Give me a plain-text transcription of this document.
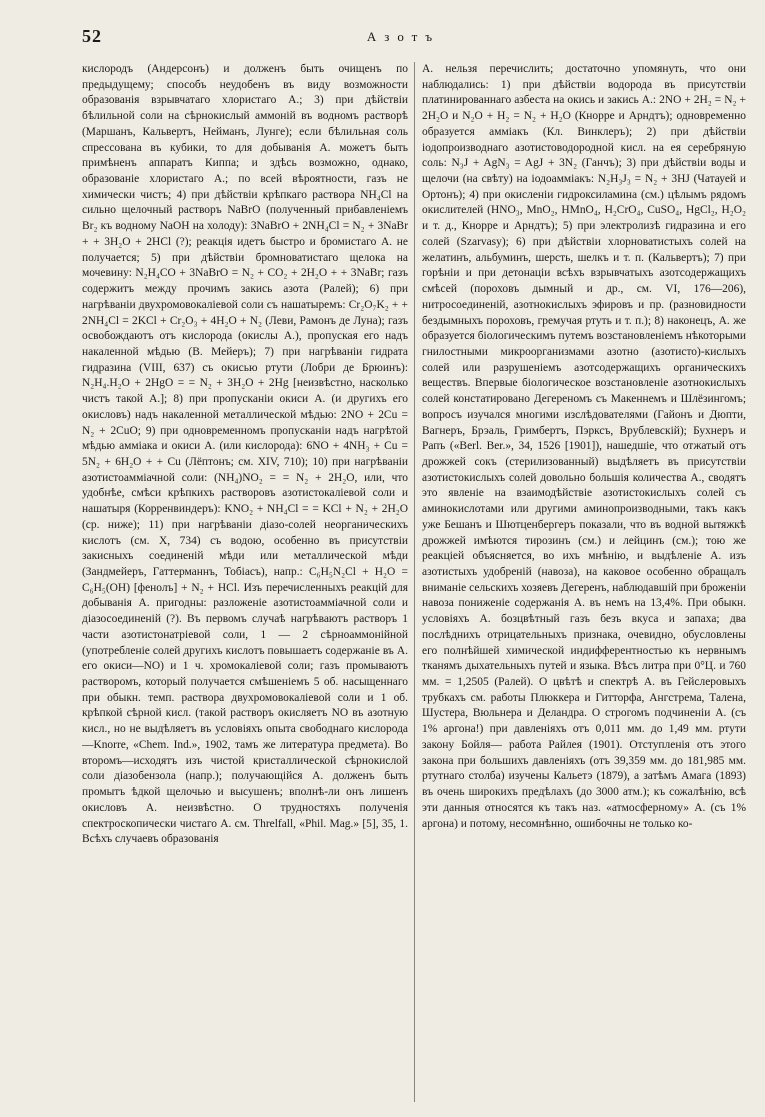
52	Азотъ

кислородъ (Андерсонъ) и долженъ быть очищенъ по предыдущему; способъ неудобенъ въ виду возможности образованія взрывчатаго хлористаго А.; 3) при дѣйствіи бѣлильной соли на сѣрнокислый аммоній въ водномъ растворѣ (Маршанъ, Кальвертъ, Нейманъ, Лунге); если бѣлильная соль спрессована въ кубики, то для добыванія А. можетъ быть примѣненъ аппаратъ Киппа; и здѣсь возможно, однако, образованіе хлористаго А.; по всей вѣроятности, газъ не химически чистъ; 4) при дѣйствіи крѣпкаго раствора NH₄Cl на сильно щелочный растворъ NaBrO (полученный прибавленіемъ Br₂ къ водному NaOH на холоду): 3NaBrO + 2NH₄Cl = N₂ + 3NaBr + + 3H₂O + 2HCl (?); реакція идетъ быстро и бромистаго А. не получается; 5) при дѣйствіи бромноватистаго щелока на мочевину: N₂H₄CO + 3NaBrO = N₂ + CO₂ + 2H₂O + + 3NaBr; газъ содержитъ между прочимъ закись азота (Ралей); 6) при нагрѣваніи двухромовокаліевой соли съ нашатыремъ: Cr₂O₇K₂ + + 2NH₄Cl = 2KCl + Cr₂O₃ + 4H₂O + N₂ (Леви, Рамонъ де Луна); газъ освобождаютъ отъ кислорода (окислы А.), пропуская его надъ накаленной мѣдью (В. Мейеръ); 7) при нагрѣваніи гидрата гидразина (VIII, 637) съ окисью ртути (Лобри де Брюинъ): N₂H₄.H₂O + 2HgO = = N₂ + 3H₂O + 2Hg [неизвѣстно, насколько чистъ такой А.]; 8) при пропусканіи окиси А. (и другихъ его окисловъ) надъ накаленной металлической мѣдью: 2NO + 2Cu = N₂ + 2CuO; 9) при одновременномъ пропусканіи надъ нагрѣтой мѣдью амміака и окиси А. (или кислорода): 6NO + 4NH₃ + Cu = 5N₂ + 6H₂O + + Cu (Лёптонъ; см. XIV, 710); 10) при нагрѣваніи азотистоамміачной соли: (NH₄)NO₂ = = N₂ + 2H₂O, или, что удобнѣе, смѣси крѣпкихъ растворовъ азотистокаліевой соли и нашатыря (Корренвиндеръ): KNO₂ + NH₄Cl = = KCl + N₂ + 2H₂O (ср. ниже); 11) при нагрѣваніи діазо-солей неорганическихъ кислотъ (см. X, 734) съ водою, особенно въ присутствіи закисныхъ соединеній мѣди или металлической мѣди (Зандмейеръ, Гаттерманнъ, Тобіасъ), напр.: C₆H₅N₂Cl + H₂O = C₆H₅(OH) [фенолъ] + N₂ + HCl. Изъ перечисленныхъ реакцій для добыванія А. пригодны: разложеніе азотистоамміачной соли и діазосоединеній (?). Въ первомъ случаѣ нагрѣваютъ растворъ 1 части азотистонатріевой соли, 1 — 2 сѣрноаммонійной (употребленіе солей другихъ кислотъ повышаетъ содержаніе въ А. его окиси—NO) и 1 ч. хромокаліевой соли; газъ промываютъ растворомъ, который получается смѣшеніемъ 5 об. насыщеннаго при обыкн. темп. раствора двухромовокаліевой соли и 1 об. крѣпкой сѣрной кисл. (такой растворъ окисляетъ NO въ азотную кисл., но не выдѣляетъ въ условіяхъ опыта свободнаго кислорода—Knorre, «Chem. Ind.», 1902, тамъ же литература предмета). Во второмъ—исходятъ изъ чистой кристаллической сѣрнокислой соли діазобензола (напр.); получающійся А. долженъ быть промытъ ѣдкой щелочью и высушенъ; вполнѣ-ли онъ лишенъ окисловъ А. неизвѣстно. О трудностяхъ полученія спектроскопически чистаго А. см. Threlfall, «Phil. Mag.» [5], 35, 1. Всѣхъ случаевъ образованія

А. нельзя перечислить; достаточно упомянуть, что они наблюдались: 1) при дѣйствіи водорода въ присутствіи платинированнаго азбеста на окись и закись А.: 2NO + 2H₂ = N₂ + 2H₂O и N₂O + H₂ = N₂ + H₂O (Кнорре и Арндтъ); одновременно образуется амміакъ (Кл. Винклеръ); 2) при дѣйствіи іодопроизводнаго азотистоводородной кисл. на ея серебряную соль: N₃J + AgN₃ = AgJ + 3N₂ (Ганчъ); 3) при дѣйствіи воды и щелочи (на свѣту) на іодоамміакъ: N₂H₃J₃ = N₂ + 3HJ (Чатауей и Ортонъ); 4) при окисленіи гидроксиламина (см.) цѣлымъ рядомъ окислителей (HNO₃, MnO₂, HMnO₄, H₂CrO₄, CuSO₄, HgCl₂, H₂O₂ и т. д., Кнорре и Арндтъ); 5) при электролизѣ гидразина и его солей (Szarvasy); 6) при дѣйствіи хлорноватистыхъ солей на желатинъ, альбуминъ, шерсть, шелкъ и т. п. (Кальвертъ); 7) при горѣніи и при детонаціи всѣхъ взрывчатыхъ азотсодержащихъ смѣсей (пороховъ дымный и др., см. VI, 176—206), нитросоединеній, азотнокислыхъ эфировъ и пр. (разновидности бездымныхъ пороховъ, гремучая ртуть и т. п.); 8) наконецъ, А. же образуется біологическимъ путемъ возстановленіемъ нѣкоторыми гнилостными микроорганизмами азотно (азотисто)-кислыхъ солей или разрушеніемъ азотсодержащихъ органическихъ веществъ. Впервые біологическое возстановленіе азотнокислыхъ солей констатировано Дегереномъ съ Макеннемъ и Шлёзингомъ; вопросъ изучался многими изслѣдователями (Гайонъ и Дюпти, Вагнеръ, Брэаль, Гримбертъ, Пэрксъ, Врублевскій); Бухнеръ и Рапъ («Berl. Ber.», 34, 1526 [1901]), нашедшіе, что отжатый отъ дрожжей сокъ (стерилизованный) выдѣляетъ въ присутствіи азотистокислыхъ солей довольно большія количества А., сводятъ это явленіе на взаимодѣйствіе азотистокислыхъ солей съ аминокислотами или другими аминопроизводными, такъ какъ уже Бешанъ и Шютценбергеръ показали, что въ водной вытяжкѣ дрожжей имѣются тирозинъ (см.) и лейцинъ (см.); тою же реакціей объясняется, во ихъ мнѣнію, и выдѣленіе А. изъ азотистыхъ удобреній (навоза), на каковое особенно обращалъ вниманіе сельскихъ хозяевъ Дегеренъ, наблюдавшій при броженіи навоза пониженіе содержанія А. въ немъ на 13,4%. При обыкн. условіяхъ А. бозцвѣтный газъ безъ вкуса и запаха; два послѣднихъ отрицательныхъ признака, очевидно, обусловлены его полнѣйшей химической индифферентностью къ нервнымъ тканямъ дыхательныхъ путей и языка. Вѣсъ литра при 0°Ц. и 760 мм. = 1,2505 (Ралей). О цвѣтѣ и спектрѣ А. въ Гейслеровыхъ трубкахъ см. работы Плюккера и Гитторфа, Ангстрема, Талена, Шустера, Вюльнера и Деландра. О строгомъ подчиненіи А. (съ 1% аргона!) при давленіяхъ отъ 0,011 мм. до 1,49 мм. ртути закону Бойля— работа Райлея (1901). Отступленія отъ этого закона при большихъ давленіяхъ (отъ 39,359 мм. до 181,985 мм. ртутнаго столба) изучены Кальетэ (1879), а затѣмъ Амага (1893) въ очень широкихъ предѣлахъ (до 3000 атм.); къ сожалѣнію, всѣ эти данныя относятся къ такъ наз. «атмосферному» А. (съ 1% аргона) и потому, несомнѣнно, ошибочны не только ко-
